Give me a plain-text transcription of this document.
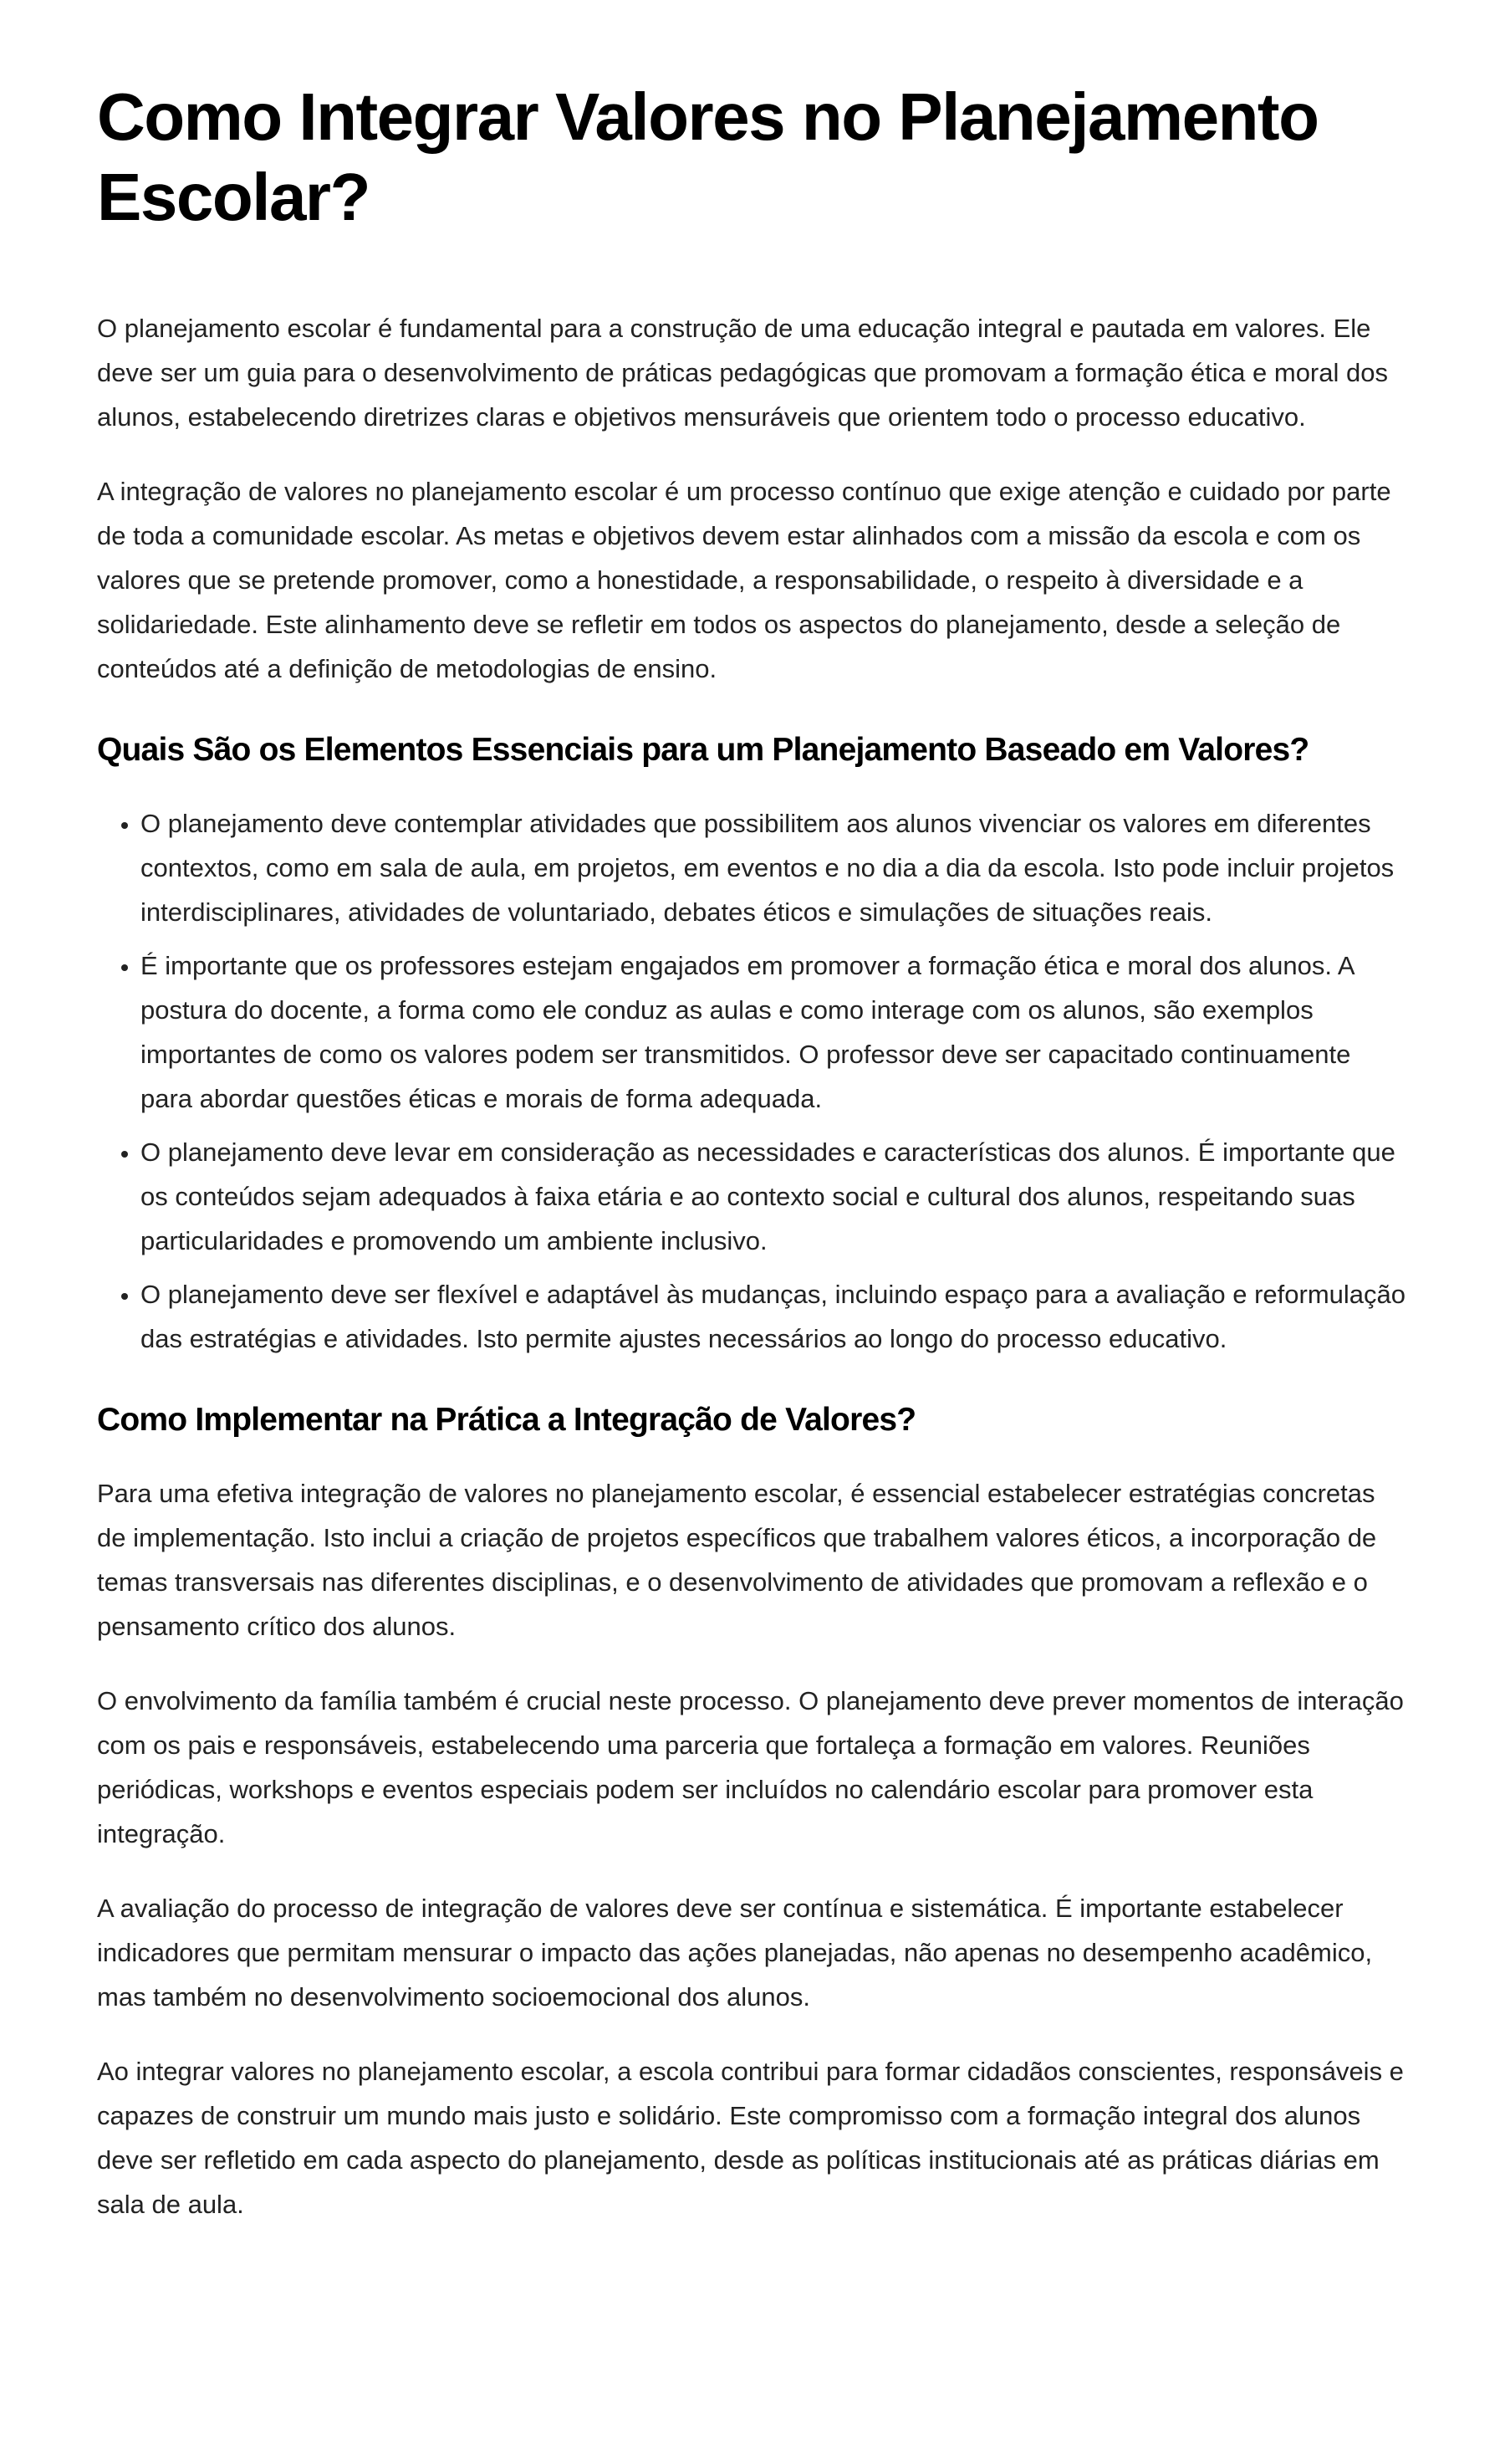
Como Integrar Valores no Planejamento Escolar?

O planejamento escolar é fundamental para a construção de uma educação integral e pautada em valores. Ele deve ser um guia para o desenvolvimento de práticas pedagógicas que promovam a formação ética e moral dos alunos, estabelecendo diretrizes claras e objetivos mensuráveis que orientem todo o processo educativo.

A integração de valores no planejamento escolar é um processo contínuo que exige atenção e cuidado por parte de toda a comunidade escolar. As metas e objetivos devem estar alinhados com a missão da escola e com os valores que se pretende promover, como a honestidade, a responsabilidade, o respeito à diversidade e a solidariedade. Este alinhamento deve se refletir em todos os aspectos do planejamento, desde a seleção de conteúdos até a definição de metodologias de ensino.

Quais São os Elementos Essenciais para um Planejamento Baseado em Valores?
• O planejamento deve contemplar atividades que possibilitem aos alunos vivenciar os valores em diferentes contextos, como em sala de aula, em projetos, em eventos e no dia a dia da escola. Isto pode incluir projetos interdisciplinares, atividades de voluntariado, debates éticos e simulações de situações reais.
• É importante que os professores estejam engajados em promover a formação ética e moral dos alunos. A postura do docente, a forma como ele conduz as aulas e como interage com os alunos, são exemplos importantes de como os valores podem ser transmitidos. O professor deve ser capacitado continuamente para abordar questões éticas e morais de forma adequada.
• O planejamento deve levar em consideração as necessidades e características dos alunos. É importante que os conteúdos sejam adequados à faixa etária e ao contexto social e cultural dos alunos, respeitando suas particularidades e promovendo um ambiente inclusivo.
• O planejamento deve ser flexível e adaptável às mudanças, incluindo espaço para a avaliação e reformulação das estratégias e atividades. Isto permite ajustes necessários ao longo do processo educativo.
Como Implementar na Prática a Integração de Valores?

Para uma efetiva integração de valores no planejamento escolar, é essencial estabelecer estratégias concretas de implementação. Isto inclui a criação de projetos específicos que trabalhem valores éticos, a incorporação de temas transversais nas diferentes disciplinas, e o desenvolvimento de atividades que promovam a reflexão e o pensamento crítico dos alunos.

O envolvimento da família também é crucial neste processo. O planejamento deve prever momentos de interação com os pais e responsáveis, estabelecendo uma parceria que fortaleça a formação em valores. Reuniões periódicas, workshops e eventos especiais podem ser incluídos no calendário escolar para promover esta integração.

A avaliação do processo de integração de valores deve ser contínua e sistemática. É importante estabelecer indicadores que permitam mensurar o impacto das ações planejadas, não apenas no desempenho acadêmico, mas também no desenvolvimento socioemocional dos alunos.

Ao integrar valores no planejamento escolar, a escola contribui para formar cidadãos conscientes, responsáveis e capazes de construir um mundo mais justo e solidário. Este compromisso com a formação integral dos alunos deve ser refletido em cada aspecto do planejamento, desde as políticas institucionais até as práticas diárias em sala de aula.
